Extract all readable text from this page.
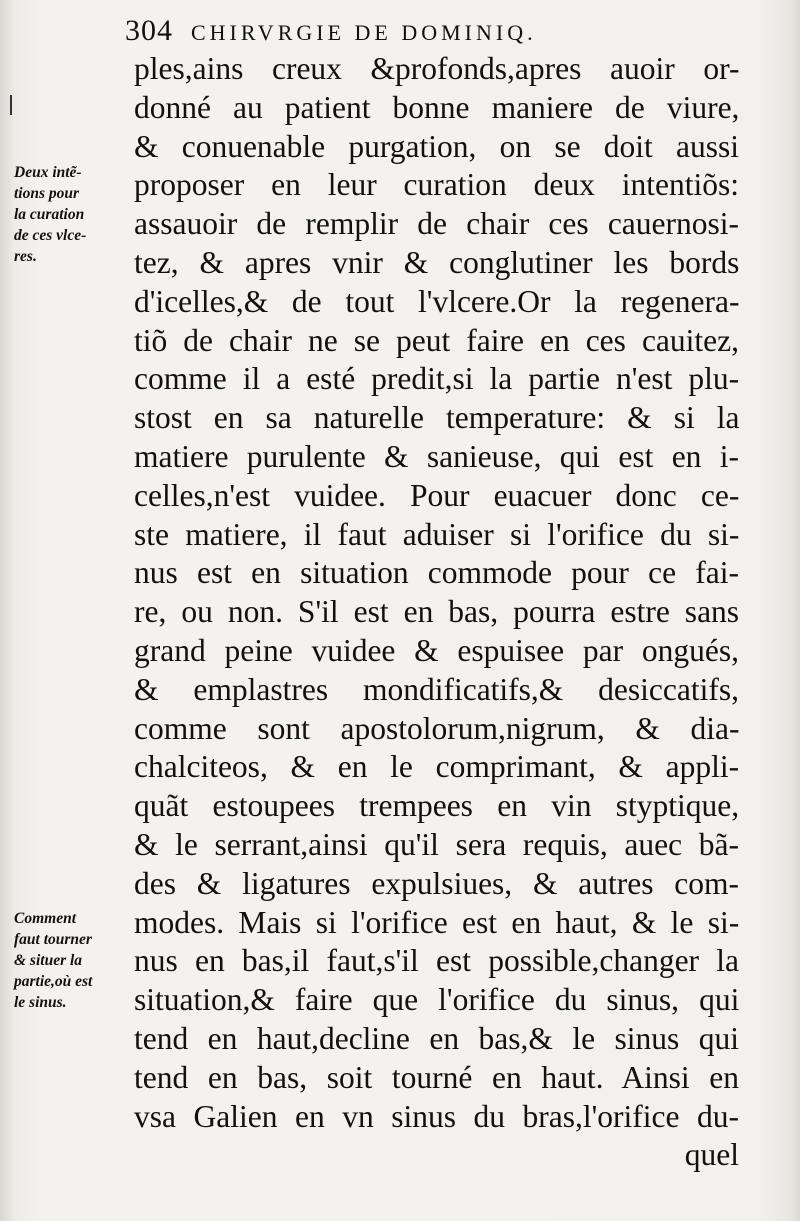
304 CHIRVRGIE DE DOMINIQ.
Deux intẽ-
tions pour
la curation
de ces vlce-
res.
Comment
faut tourner
& situer la
partie,où est
le sinus.
ples,ains creux &profonds,apres auoir or-
donné au patient bonne maniere de viure,
& conuenable purgation, on se doit aussi
proposer en leur curation deux intentiõs:
assauoir de remplir de chair ces cauernosi-
tez, & apres vnir & conglutiner les bords
d'icelles,& de tout l'vlcere.Or la regenera-
tiõ de chair ne se peut faire en ces cauitez,
comme il a esté predit,si la partie n'est plu-
stost en sa naturelle temperature: & si la
matiere purulente & sanieuse, qui est en i-
celles,n'est vuidee. Pour euacuer donc ce-
ste matiere, il faut aduiser si l'orifice du si-
nus est en situation commode pour ce fai-
re, ou non. S'il est en bas, pourra estre sans
grand peine vuidee & espuisee par ongués,
& emplastres mondificatifs,& desiccatifs,
comme sont apostolorum,nigrum, & dia-
chalciteos, & en le comprimant, & appli-
quãt estoupees trempees en vin styptique,
& le serrant,ainsi qu'il sera requis, auec bã-
des & ligatures expulsiues, & autres com-
modes. Mais si l'orifice est en haut, & le si-
nus en bas,il faut,s'il est possible,changer la
situation,& faire que l'orifice du sinus, qui
tend en haut,decline en bas,& le sinus qui
tend en bas, soit tourné en haut. Ainsi en
vsa Galien en vn sinus du bras,l'orifice du-
quel
